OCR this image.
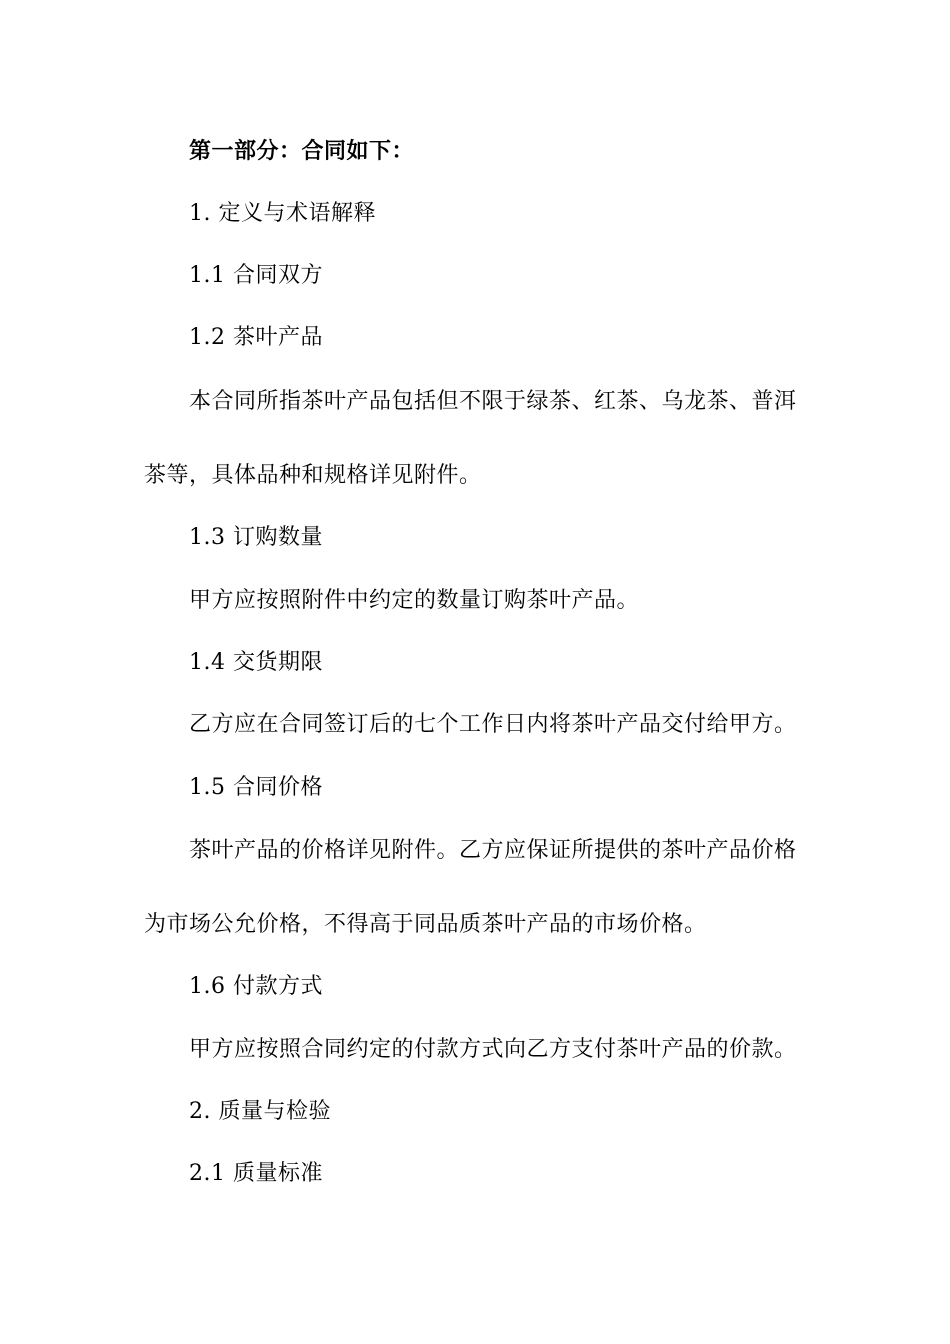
第一部分：合同如下：
1. 定义与术语解释
1.1 合同双方
1.2 茶叶产品
本合同所指茶叶产品包括但不限于绿茶、红茶、乌龙茶、普洱
茶等，具体品种和规格详见附件。
1.3 订购数量
甲方应按照附件中约定的数量订购茶叶产品。
1.4 交货期限
乙方应在合同签订后的七个工作日内将茶叶产品交付给甲方。
1.5 合同价格
茶叶产品的价格详见附件。乙方应保证所提供的茶叶产品价格
为市场公允价格，不得高于同品质茶叶产品的市场价格。
1.6 付款方式
甲方应按照合同约定的付款方式向乙方支付茶叶产品的价款。
2. 质量与检验
2.1 质量标准
